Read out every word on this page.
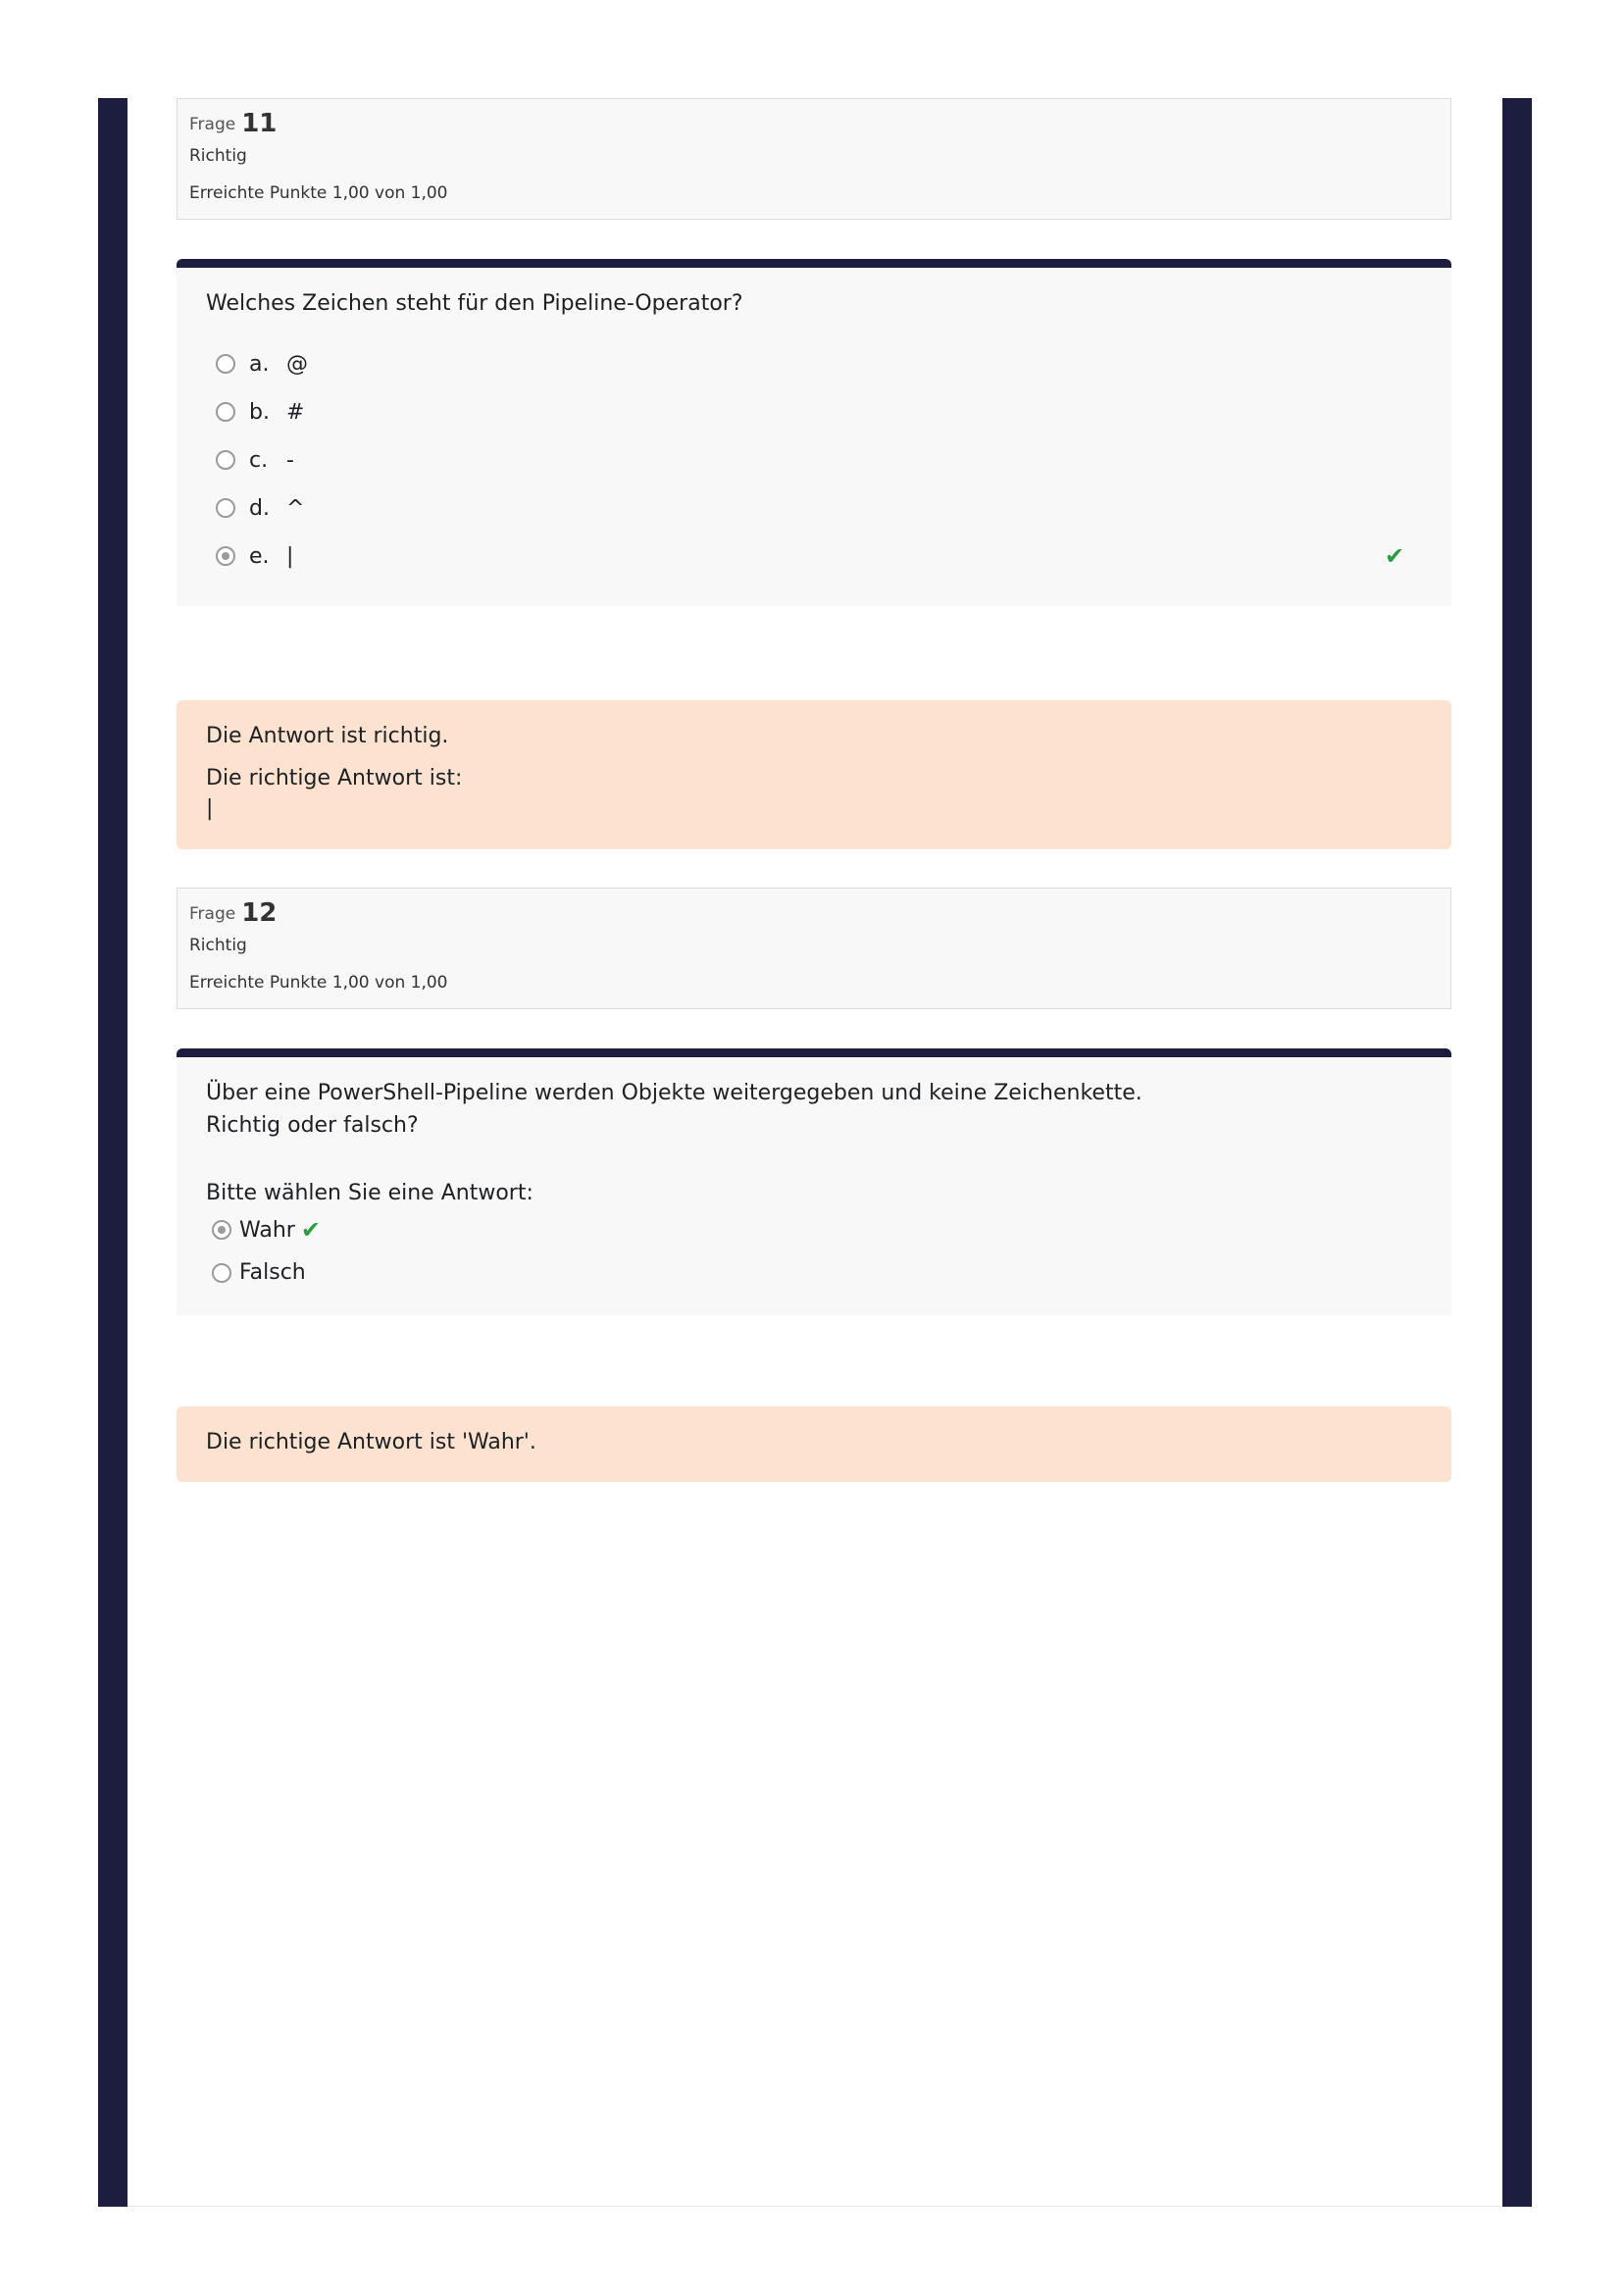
Frage 11
Richtig
Erreichte Punkte 1,00 von 1,00
Welches Zeichen steht für den Pipeline-Operator?
a. @
b. #
c. -
d. ^
e. |	✔
Die Antwort ist richtig.
Die richtige Antwort ist:
|
Frage 12
Richtig
Erreichte Punkte 1,00 von 1,00
Über eine PowerShell-Pipeline werden Objekte weitergegeben und keine Zeichenkette.
Richtig oder falsch?
Bitte wählen Sie eine Antwort:
Wahr ✔
Falsch
Die richtige Antwort ist 'Wahr'.
